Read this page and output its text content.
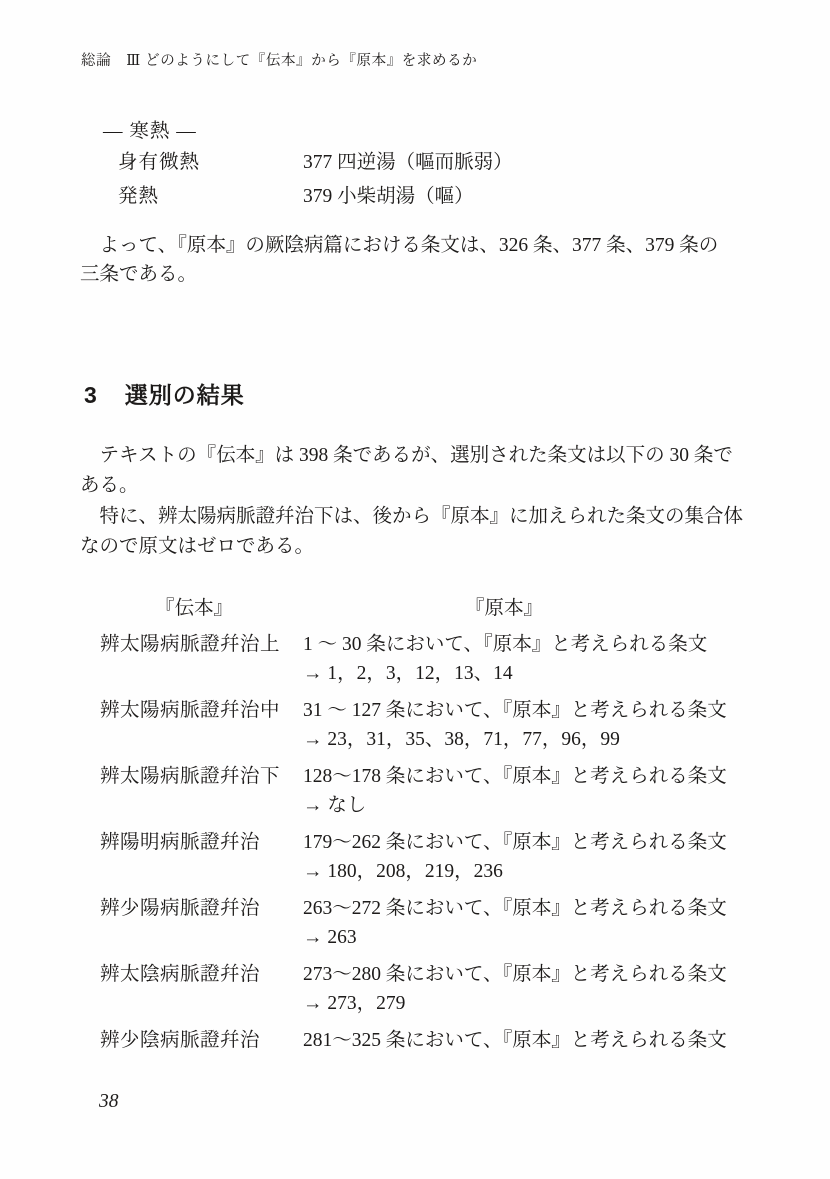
総論　Ⅲ どのようにして『伝本』から『原本』を求めるか
― 寒熱 ―
身有微熱	377 四逆湯（嘔而脈弱）
発熱	379 小柴胡湯（嘔）

　よって、『原本』の厥陰病篇における条文は、326 条、377 条、379 条の
三条である。

3 選別の結果

　テキストの『伝本』は 398 条であるが、選別された条文は以下の 30 条で
ある。

　特に、辨太陽病脈證幷治下は、後から『原本』に加えられた条文の集合体
なので原文はゼロである。

『伝本』	『原本』
辨太陽病脈證幷治上	1 〜 30 条において、『原本』と考えられる条文
→ 1，2，3，12，13、14
辨太陽病脈證幷治中	31 〜 127 条において、『原本』と考えられる条文
→ 23，31，35、38，71，77，96，99
辨太陽病脈證幷治下	128〜178 条において、『原本』と考えられる条文
→ なし
辨陽明病脈證幷治	179〜262 条において、『原本』と考えられる条文
→ 180，208，219，236
辨少陽病脈證幷治	263〜272 条において、『原本』と考えられる条文
→ 263
辨太陰病脈證幷治	273〜280 条において、『原本』と考えられる条文
→ 273，279
辨少陰病脈證幷治	281〜325 条において、『原本』と考えられる条文
38
